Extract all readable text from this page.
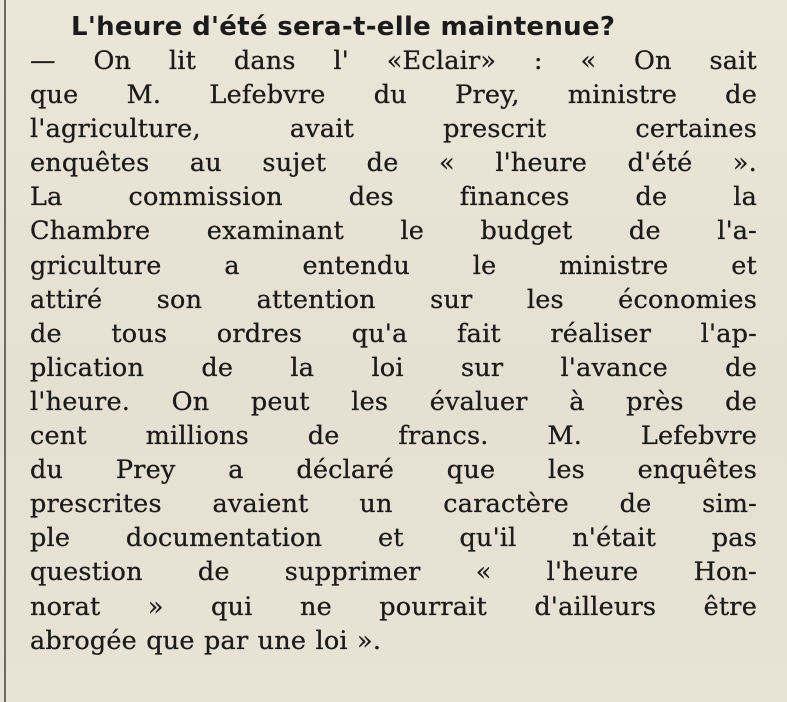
L'heure d'été sera-t-elle maintenue?
— On lit dans l' «Eclair» : « On sait
que M. Lefebvre du Prey, ministre de
l'agriculture, avait prescrit certaines
enquêtes au sujet de « l'heure d'été ».
La commission des finances de la
Chambre examinant le budget de l'a-
griculture a entendu le ministre et
attiré son attention sur les économies
de tous ordres qu'a fait réaliser l'ap-
plication de la loi sur l'avance de
l'heure. On peut les évaluer à près de
cent millions de francs. M. Lefebvre
du Prey a déclaré que les enquêtes
prescrites avaient un caractère de sim-
ple documentation et qu'il n'était pas
question de supprimer « l'heure Hon-
norat » qui ne pourrait d'ailleurs être
abrogée que par une loi ».
